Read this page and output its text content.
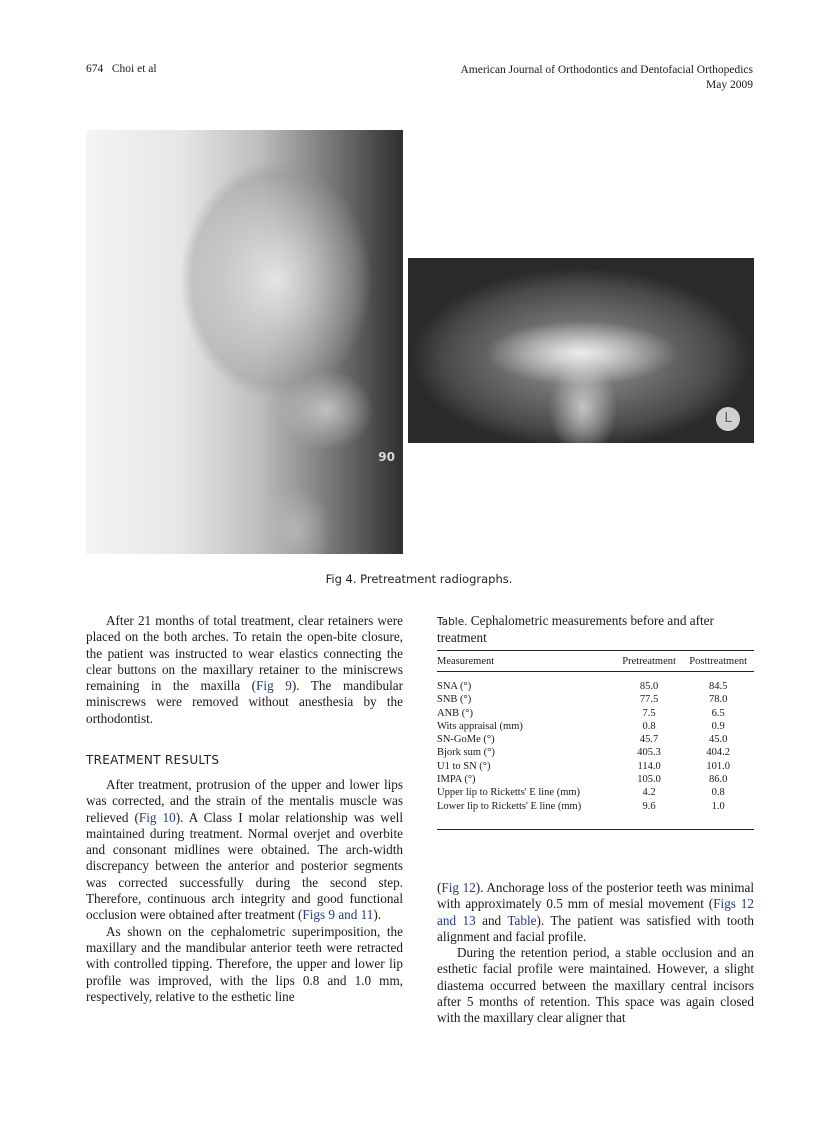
674 Choi et al	American Journal of Orthodontics and Dentofacial Orthopedics
May 2009
90
L
Fig 4. Pretreatment radiographs.

After 21 months of total treatment, clear retainers were placed on the both arches. To retain the open-bite closure, the patient was instructed to wear elastics connecting the clear buttons on the maxillary retainer to the miniscrews remaining in the maxilla (Fig 9). The mandibular miniscrews were removed without anesthesia by the orthodontist.

TREATMENT RESULTS

After treatment, protrusion of the upper and lower lips was corrected, and the strain of the mentalis muscle was relieved (Fig 10). A Class I molar relationship was well maintained during treatment. Normal overjet and overbite and consonant midlines were obtained. The arch-width discrepancy between the anterior and posterior segments was corrected successfully during the second step. Therefore, continuous arch integrity and good functional occlusion were obtained after treatment (Figs 9 and 11).

As shown on the cephalometric superimposition, the maxillary and the mandibular anterior teeth were retracted with controlled tipping. Therefore, the upper and lower lip profile was improved, with the lips 0.8 and 1.0 mm, respectively, relative to the esthetic line

Table. Cephalometric measurements before and after treatment
Measurement	Pretreatment	Posttreatment
SNA (°)	85.0	84.5
SNB (°)	77.5	78.0
ANB (°)	7.5	6.5
Wits appraisal (mm)	0.8	0.9
SN-GoMe (°)	45.7	45.0
Bjork sum (°)	405.3	404.2
U1 to SN (°)	114.0	101.0
IMPA (°)	105.0	86.0
Upper lip to Ricketts' E line (mm)	4.2	0.8
Lower lip to Ricketts' E line (mm)	9.6	1.0

(Fig 12). Anchorage loss of the posterior teeth was minimal with approximately 0.5 mm of mesial movement (Figs 12 and 13 and Table). The patient was satisfied with tooth alignment and facial profile.

During the retention period, a stable occlusion and an esthetic facial profile were maintained. However, a slight diastema occurred between the maxillary central incisors after 5 months of retention. This space was again closed with the maxillary clear aligner that
